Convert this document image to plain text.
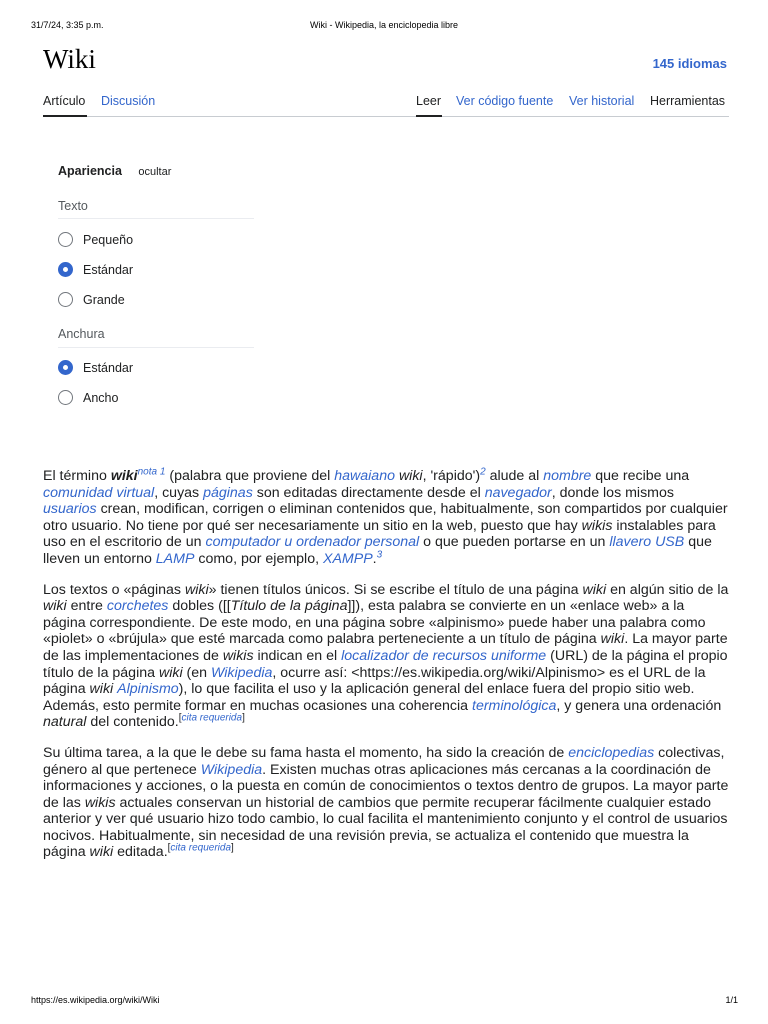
31/7/24, 3:35 p.m.	Wiki - Wikipedia, la enciclopedia libre
Wiki	145 idiomas
Artículo Discusión	Leer Ver código fuente Ver historial Herramientas
Apariencia ocultar
Texto
Pequeño
Estándar
Grande
Anchura
Estándar
Ancho

El término wiki$^{nota 1}$ (palabra que proviene del hawaiano wiki, 'rápido')$^2$ alude al nombre que recibe una comunidad virtual, cuyas páginas son editadas directamente desde el navegador, donde los mismos usuarios crean, modifican, corrigen o eliminan contenidos que, habitualmente, son compartidos por cualquier otro usuario. No tiene por qué ser necesariamente un sitio en la web, puesto que hay wikis instalables para uso en el escritorio de un computador u ordenador personal o que pueden portarse en un llavero USB que lleven un entorno LAMP como, por ejemplo, XAMPP.$^3$

Los textos o «páginas wiki» tienen títulos únicos. Si se escribe el título de una página wiki en algún sitio de la wiki entre corchetes dobles ([[Título de la página]]), esta palabra se convierte en un «enlace web» a la página correspondiente. De este modo, en una página sobre «alpinismo» puede haber una palabra como «piolet» o «brújula» que esté marcada como palabra perteneciente a un título de página wiki. La mayor parte de las implementaciones de wikis indican en el localizador de recursos uniforme (URL) de la página el propio título de la página wiki (en Wikipedia, ocurre así: <https://es.wikipedia.org/wiki/Alpinismo> es el URL de la página wiki Alpinismo), lo que facilita el uso y la aplicación general del enlace fuera del propio sitio web. Además, esto permite formar en muchas ocasiones una coherencia terminológica, y genera una ordenación natural del contenido.[cita requerida]

Su última tarea, a la que le debe su fama hasta el momento, ha sido la creación de enciclopedias colectivas, género al que pertenece Wikipedia. Existen muchas otras aplicaciones más cercanas a la coordinación de informaciones y acciones, o la puesta en común de conocimientos o textos dentro de grupos. La mayor parte de las wikis actuales conservan un historial de cambios que permite recuperar fácilmente cualquier estado anterior y ver qué usuario hizo todo cambio, lo cual facilita el mantenimiento conjunto y el control de usuarios nocivos. Habitualmente, sin necesidad de una revisión previa, se actualiza el contenido que muestra la página wiki editada.[cita requerida]

https://es.wikipedia.org/wiki/Wiki	1/1
